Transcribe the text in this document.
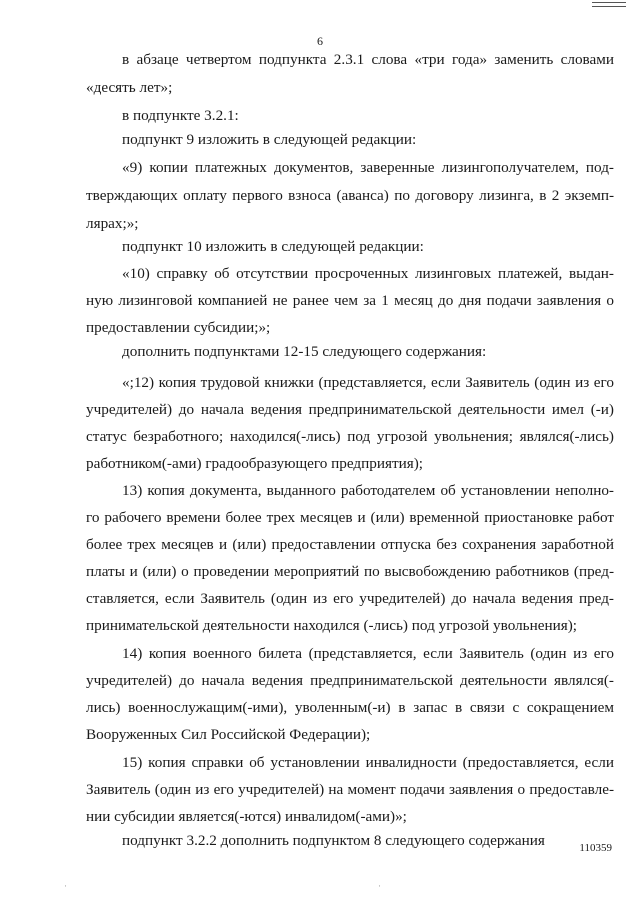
6
в абзаце четвертом подпункта 2.3.1 слова «три года» заменить словами
«десять лет»;
в подпункте 3.2.1:
подпункт 9 изложить в следующей редакции:
«9) копии платежных документов, заверенные лизингополучателем, под-
тверждающих оплату первого взноса (аванса) по договору лизинга, в 2 экземп-
лярах;»;
подпункт 10 изложить в следующей редакции:
«10) справку об отсутствии просроченных лизинговых платежей, выдан-
ную лизинговой компанией не ранее чем за 1 месяц до дня подачи заявления о
предоставлении субсидии;»;
дополнить подпунктами 12-15 следующего содержания:
«;12) копия трудовой книжки (представляется, если Заявитель (один из его
учредителей) до начала ведения предпринимательской деятельности имел (-и)
статус безработного; находился(-лись) под угрозой увольнения; являлся(-лись)
работником(-ами) градообразующего предприятия);
13) копия документа, выданного работодателем об установлении неполно-
го рабочего времени более трех месяцев и (или) временной приостановке работ
более трех месяцев и (или) предоставлении отпуска без сохранения заработной
платы и (или) о проведении мероприятий по высвобождению работников (пред-
ставляется, если Заявитель (один из его учредителей) до начала ведения пред-
принимательской деятельности находился (-лись) под угрозой увольнения);
14) копия военного билета (представляется, если Заявитель (один из его
учредителей) до начала ведения предпринимательской деятельности являлся(-
лись) военнослужащим(-ими), уволенным(-и) в запас в связи с сокращением
Вооруженных Сил Российской Федерации);
15) копия справки об установлении инвалидности (предоставляется, если
Заявитель (один из его учредителей) на момент подачи заявления о предоставле-
нии субсидии является(-ются) инвалидом(-ами)»;
подпункт 3.2.2 дополнить подпунктом 8 следующего содержания	110359
·	·
